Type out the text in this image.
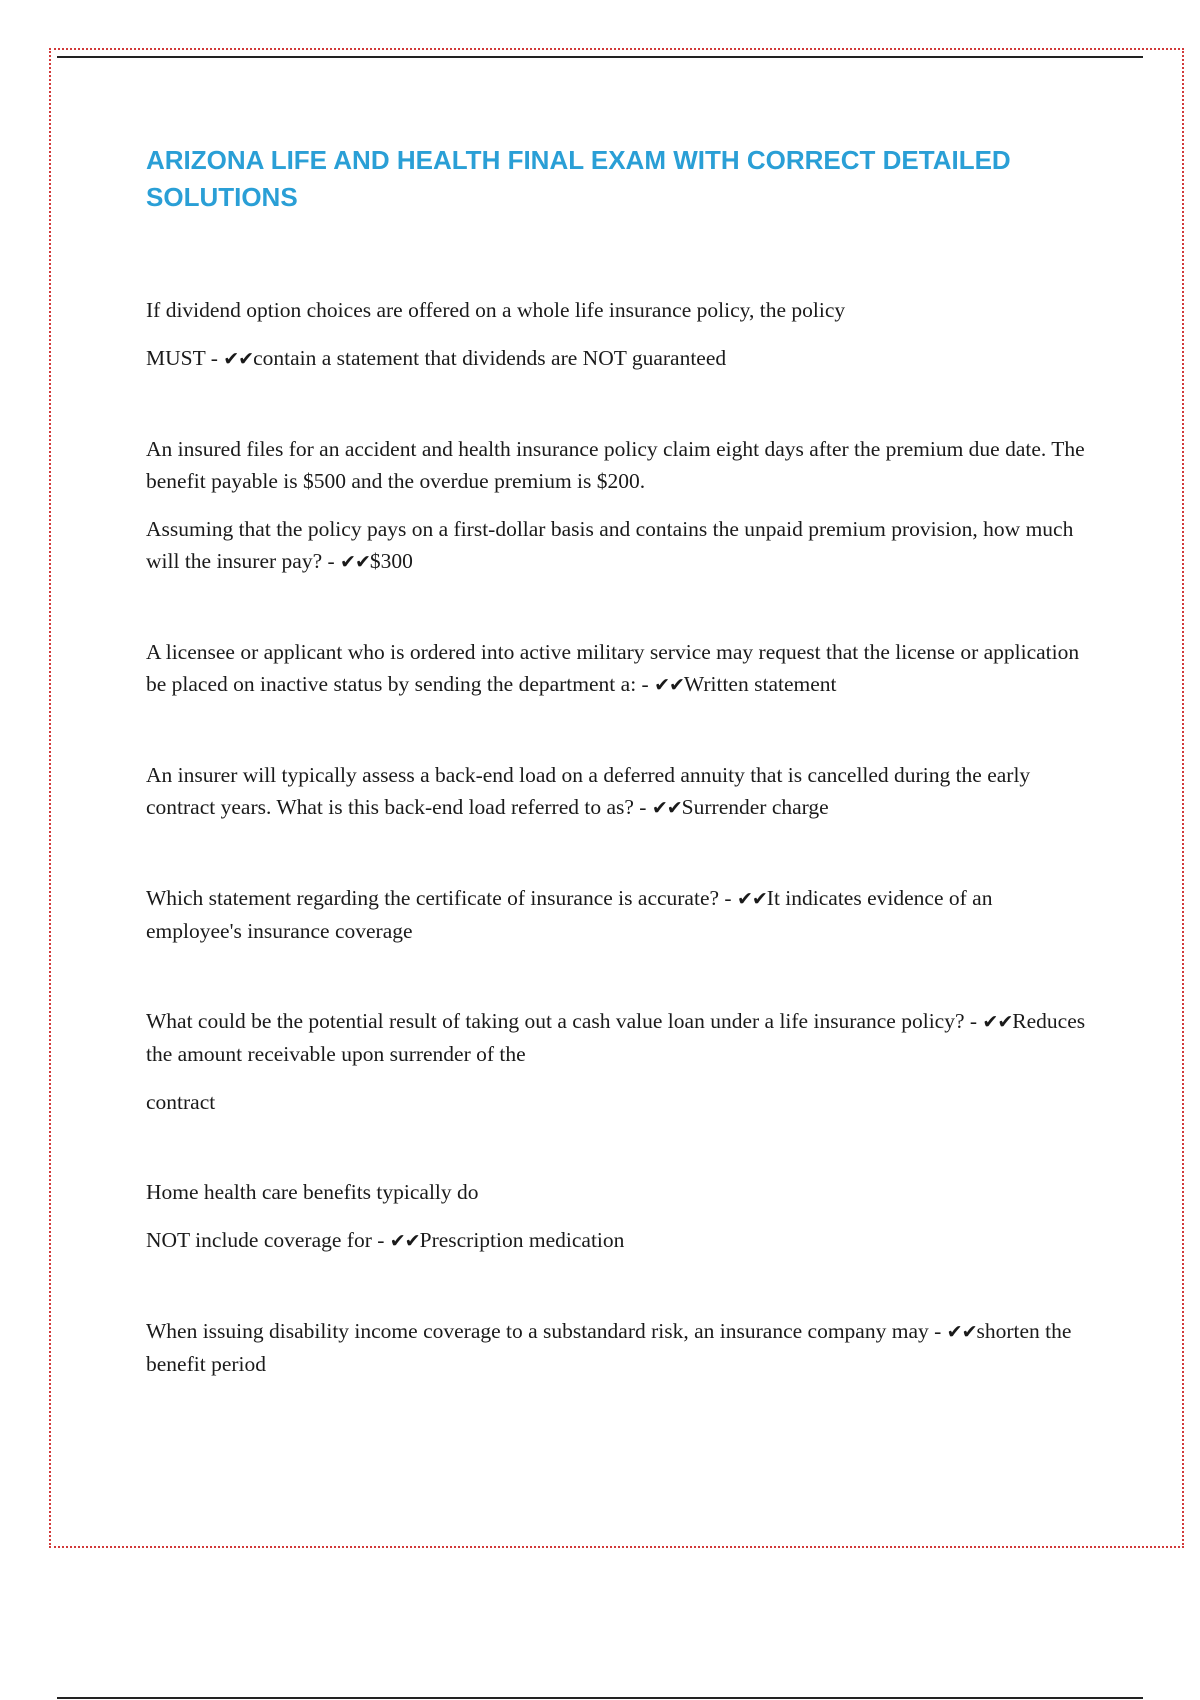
ARIZONA LIFE AND HEALTH FINAL EXAM WITH CORRECT DETAILED SOLUTIONS

If dividend option choices are offered on a whole life insurance policy, the policy

MUST - ✔✔contain a statement that dividends are NOT guaranteed

An insured files for an accident and health insurance policy claim eight days after the premium due date. The benefit payable is $500 and the overdue premium is $200.

Assuming that the policy pays on a first-dollar basis and contains the unpaid premium provision, how much will the insurer pay? - ✔✔$300

A licensee or applicant who is ordered into active military service may request that the license or application be placed on inactive status by sending the department a: - ✔✔Written statement

An insurer will typically assess a back-end load on a deferred annuity that is cancelled during the early contract years. What is this back-end load referred to as? - ✔✔Surrender charge

Which statement regarding the certificate of insurance is accurate? - ✔✔It indicates evidence of an employee's insurance coverage

What could be the potential result of taking out a cash value loan under a life insurance policy? - ✔✔Reduces the amount receivable upon surrender of the

contract

Home health care benefits typically do

NOT include coverage for - ✔✔Prescription medication

When issuing disability income coverage to a substandard risk, an insurance company may - ✔✔shorten the benefit period
